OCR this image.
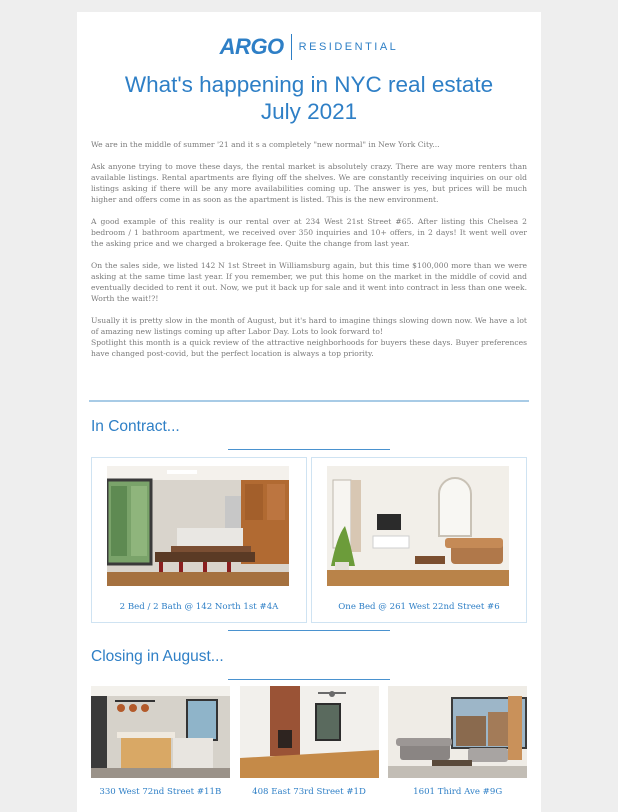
ARGO RESIDENTIAL
What's happening in NYC real estate
July 2021

We are in the middle of summer '21 and it s a completely "new normal" in New York City...

Ask anyone trying to move these days, the rental market is absolutely crazy. There are way more renters than available listings. Rental apartments are flying off the shelves. We are constantly receiving inquiries on our old listings asking if there will be any more availabilities coming up. The answer is yes, but prices will be much higher and offers come in as soon as the apartment is listed. This is the new environment.

A good example of this reality is our rental over at 234 West 21st Street #65. After listing this Chelsea 2 bedroom / 1 bathroom apartment, we received over 350 inquiries and 10+ offers, in 2 days! It went well over the asking price and we charged a brokerage fee. Quite the change from last year.

On the sales side, we listed 142 N 1st Street in Williamsburg again, but this time $100,000 more than we were asking at the same time last year. If you remember, we put this home on the market in the middle of covid and eventually decided to rent it out. Now, we put it back up for sale and it went into contract in less than one week. Worth the wait!?!

Usually it is pretty slow in the month of August, but it's hard to imagine things slowing down now. We have a lot of amazing new listings coming up after Labor Day. Lots to look forward to!

Spotlight this month is a quick review of the attractive neighborhoods for buyers these days. Buyer preferences have changed post-covid, but the perfect location is always a top priority.

In Contract...
2 Bed / 2 Bath @ 142 North 1st #4A	One Bed @ 261 West 22nd Street #6
Closing in August...
330 West 72nd Street #11B	408 East 73rd Street #1D	1601 Third Ave #9G
